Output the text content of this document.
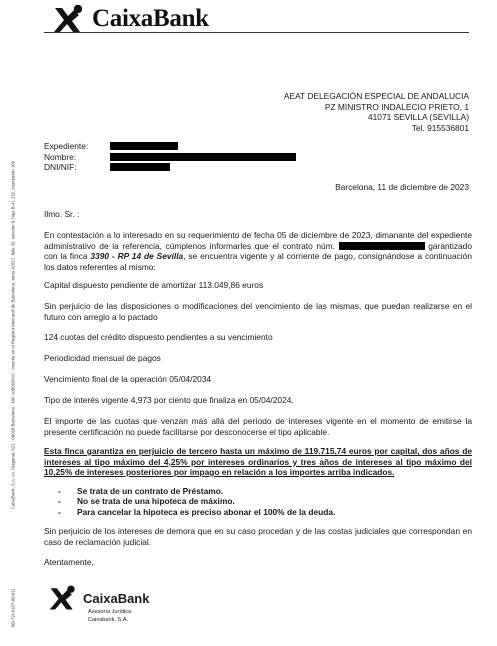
CaixaBank
CaixaBank, S.A. Av. Diagonal, 621 · 08028 Barcelona · NIF A08663619 · Inscrita en el Registro Mercantil de Barcelona, tomo 42657, folio 33, sección 8, hoja B-41 232, inscripción 109
00I-72I-01(I7-00-01)
AEAT DELEGACIÓN ESPECIAL DE ANDALUCIA
PZ MINISTRO INDALECIO PRIETO, 1
41071 SEVILLA (SEVILLA)
Tel. 915536801
Expediente:
Nombre:
DNI/NIF:
Barcelona, 11 de diciembre de 2023
Ilmo. Sr. :
En contestación a lo interesado en su requerimiento de fecha 05 de diciembre de 2023, dimanante del expediente administrativo de la referencia, cúmplenos informarles que el contrato núm.	garantizado con la finca 3390 - RP 14 de Sevilla, se encuentra vigente y al corriente de pago, consignándose a continuación los datos referentes al mismo:
Capital dispuesto pendiente de amortizar 113.049,86 euros
Sin perjuicio de las disposiciones o modificaciones del vencimiento de las mismas, que puedan realizarse en el futuro con arreglo a lo pactado
124 cuotas del crédito dispuesto pendientes a su vencimiento
Periodicidad mensual de pagos
Vencimiento final de la operación 05/04/2034
Tipo de interés vigente 4,973 por ciento que finaliza en 05/04/2024.
El importe de las cuotas que venzan más allá del período de intereses vigente en el momento de emitirse la presente certificación no puede facilitarse por desconocerse el tipo aplicable.
Esta finca garantiza en perjuicio de tercero hasta un máximo de 119.715,74 euros por capital, dos años de intereses al tipo máximo del 4,25% por intereses ordinarios y tres años de intereses al tipo máximo del 10,25% de intereses posteriores por impago en relación a los importes arriba indicados.
-	Se trata de un contrato de Préstamo.
-	No se trata de una hipoteca de máximo.
-	Para cancelar la hipoteca es preciso abonar el 100% de la deuda.
Sin perjuicio de los intereses de demora que en su caso procedan y de las costas judiciales que correspondan en caso de reclamación judicial.
Atentamente,
CaixaBank
Asesoría Jurídica
Caixabank, S.A.
